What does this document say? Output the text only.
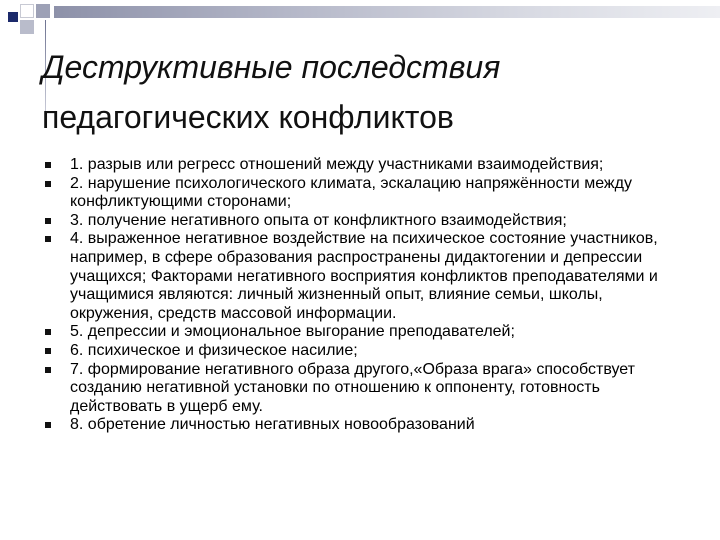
Деструктивные последствия
педагогических конфликтов
1. разрыв или регресс отношений между участниками взаимодействия;
2. нарушение психологического климата, эскалацию напряжённости между конфликтующими сторонами;
3. получение негативного опыта от конфликтного взаимодействия;
4. выраженное негативное воздействие на психическое состояние участников, например, в сфере образования распространены дидактогении и депрессии учащихся; Факторами негативного восприятия конфликтов преподавателями и учащимися являются: личный жизненный опыт, влияние семьи, школы, окружения, средств массовой информации.
5. депрессии и эмоциональное выгорание преподавателей;
6. психическое и физическое насилие;
7. формирование негативного образа другого,«Образа врага» способствует созданию негативной установки по отношению к оппоненту, готовность действовать в ущерб ему.
8. обретение личностью негативных новообразований
